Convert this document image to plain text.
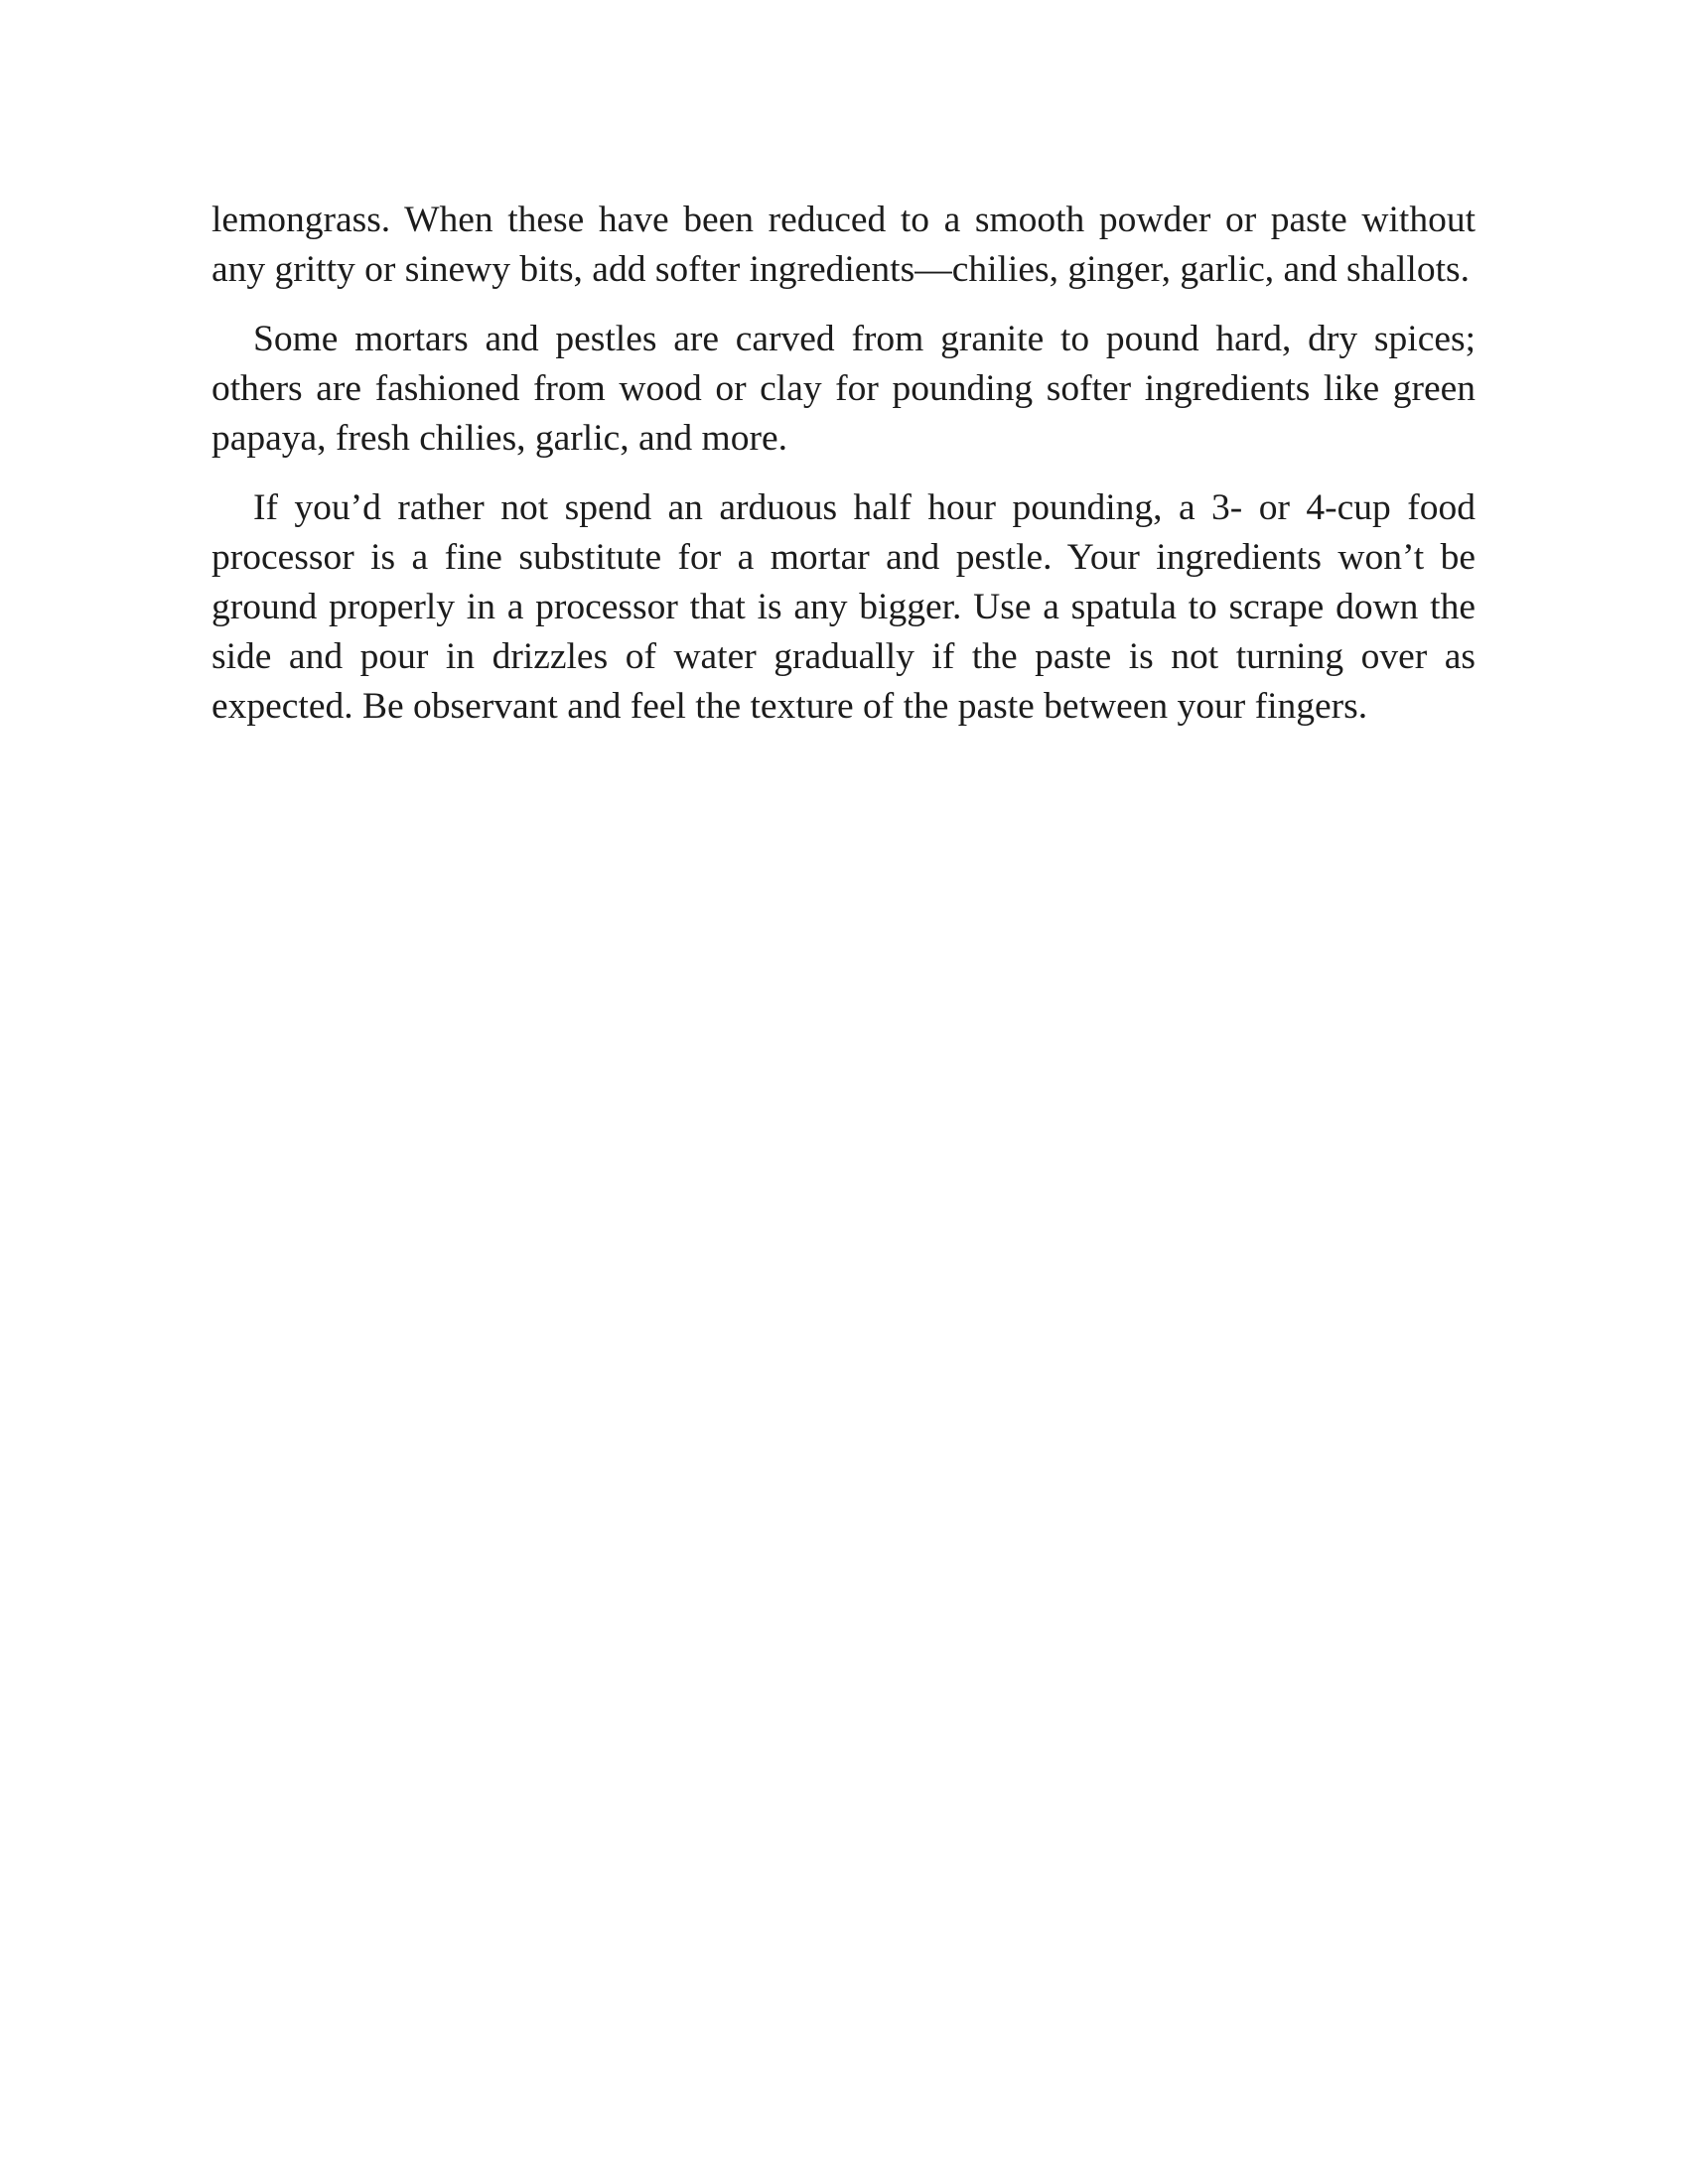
lemongrass. When these have been reduced to a smooth powder or paste without any gritty or sinewy bits, add softer ingredients—chilies, ginger, garlic, and shallots.

Some mortars and pestles are carved from granite to pound hard, dry spices; others are fashioned from wood or clay for pounding softer ingredients like green papaya, fresh chilies, garlic, and more.

If you’d rather not spend an arduous half hour pounding, a 3- or 4-cup food processor is a fine substitute for a mortar and pestle. Your ingredients won’t be ground properly in a processor that is any bigger. Use a spatula to scrape down the side and pour in drizzles of water gradually if the paste is not turning over as expected. Be observant and feel the texture of the paste between your fingers.
